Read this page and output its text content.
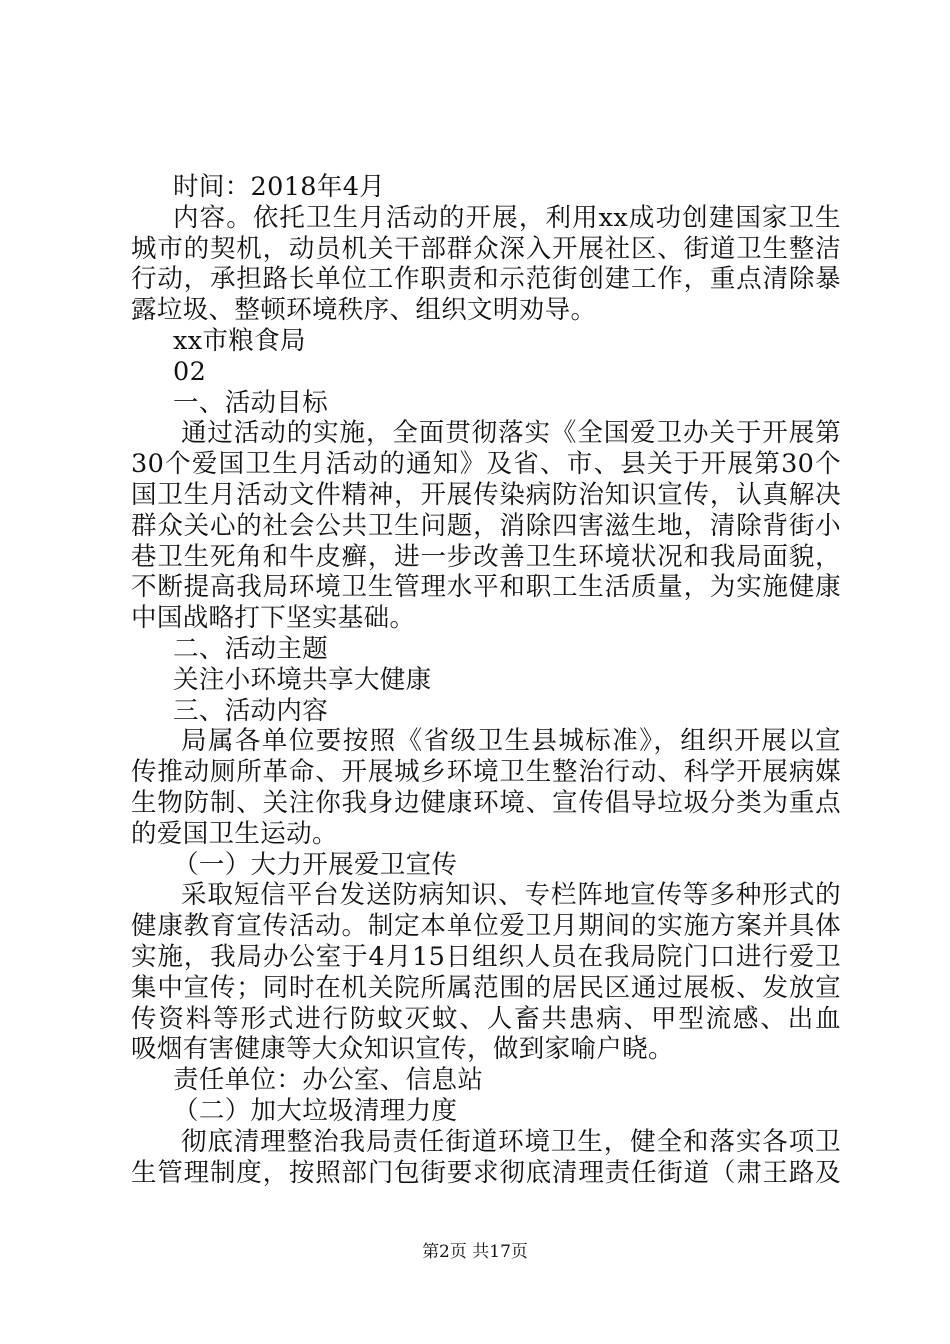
时间：2018年4月
内容。依托卫生月活动的开展，利用xx成功创建国家卫生
城市的契机，动员机关干部群众深入开展社区、街道卫生整洁
行动，承担路长单位工作职责和示范街创建工作，重点清除暴
露垃圾、整顿环境秩序、组织文明劝导。
xx市粮食局
02
一、活动目标
通过活动的实施，全面贯彻落实《全国爱卫办关于开展第
30个爱国卫生月活动的通知》及省、市、县关于开展第30个
国卫生月活动文件精神，开展传染病防治知识宣传，认真解决
群众关心的社会公共卫生问题，消除四害滋生地，清除背街小
巷卫生死角和牛皮癣，进一步改善卫生环境状况和我局面貌，
不断提高我局环境卫生管理水平和职工生活质量，为实施健康
中国战略打下坚实基础。
二、活动主题
关注小环境共享大健康
三、活动内容
局属各单位要按照《省级卫生县城标准》，组织开展以宣
传推动厕所革命、开展城乡环境卫生整治行动、科学开展病媒
生物防制、关注你我身边健康环境、宣传倡导垃圾分类为重点
的爱国卫生运动。
（一）大力开展爱卫宣传
采取短信平台发送防病知识、专栏阵地宣传等多种形式的
健康教育宣传活动。制定本单位爱卫月期间的实施方案并具体
实施，我局办公室于4月15日组织人员在我局院门口进行爱卫
集中宣传；同时在机关院所属范围的居民区通过展板、发放宣
传资料等形式进行防蚊灭蚊、人畜共患病、甲型流感、出血
吸烟有害健康等大众知识宣传，做到家喻户晓。
责任单位：办公室、信息站
（二）加大垃圾清理力度
彻底清理整治我局责任街道环境卫生，健全和落实各项卫
生管理制度，按照部门包街要求彻底清理责任街道（肃王路及
第2页 共17页
